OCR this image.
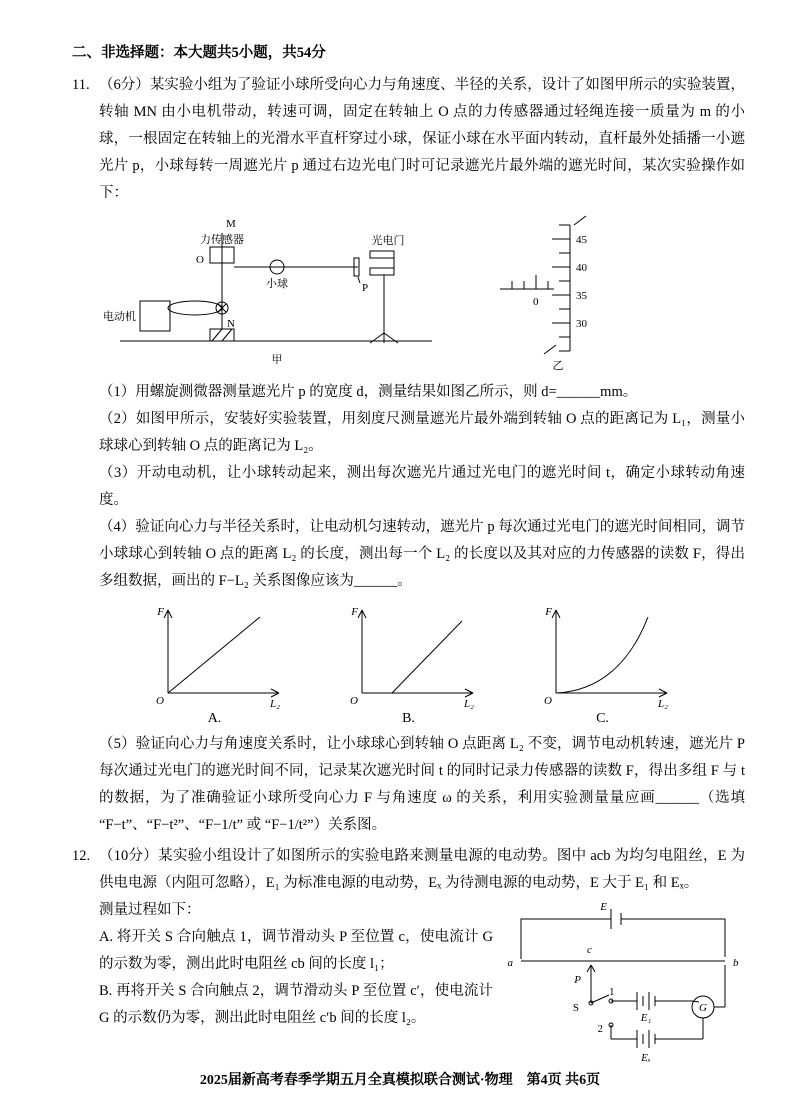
二、非选择题：本大题共5小题，共54分
11. （6分）某实验小组为了验证小球所受向心力与角速度、半径的关系，设计了如图甲所示的实验装置，转轴 MN 由小电机带动，转速可调，固定在转轴上 O 点的力传感器通过轻绳连接一质量为 m 的小球，一根固定在转轴上的光滑水平直杆穿过小球，保证小球在水平面内转动，直杆最外处插播一小遮光片 p，小球每转一周遮光片 p 通过右边光电门时可记录遮光片最外端的遮光时间，某次实验操作如下：
M
力传感器
O
小球	P
光电门
电动机
N
甲
45
40
35
30
0
乙
（1）用螺旋测微器测量遮光片 p 的宽度 d，测量结果如图乙所示，则 d=______mm。
（2）如图甲所示，安装好实验装置，用刻度尺测量遮光片最外端到转轴 O 点的距离记为 L₁，测量小球球心到转轴 O 点的距离记为 L₂。
（3）开动电动机，让小球转动起来，测出每次遮光片通过光电门的遮光时间 t，确定小球转动角速度。
（4）验证向心力与半径关系时，让电动机匀速转动，遮光片 p 每次通过光电门的遮光时间相同，调节小球球心到转轴 O 点的距离 L₂ 的长度，测出每一个 L₂ 的长度以及其对应的力传感器的读数 F，得出多组数据，画出的 F−L₂ 关系图像应该为______。
F
O	L₂
A.
F
O	L₂
B.
F
O	L₂
C.
（5）验证向心力与角速度关系时，让小球球心到转轴 O 点距离 L₂ 不变，调节电动机转速，遮光片 P 每次通过光电门的遮光时间不同，记录某次遮光时间 t 的同时记录力传感器的读数 F，得出多组 F 与 t 的数据，为了准确验证小球所受向心力 F 与角速度 ω 的关系，利用实验测量量应画______（选填 “F−t”、“F−t²”、“F−1/t” 或 “F−1/t²”）关系图。
12. （10分）某实验小组设计了如图所示的实验电路来测量电源的电动势。图中 acb 为均匀电阻丝，E 为供电电源（内阻可忽略），E₁ 为标准电源的电动势，Eₓ 为待测电源的电动势，E 大于 E₁ 和 Eₓ。
测量过程如下：
A. 将开关 S 合向触点 1，调节滑动头 P 至位置 c，使电流计 G 的示数为零，测出此时电阻丝 cb 间的长度 l₁；
B. 再将开关 S 合向触点 2，调节滑动头 P 至位置 c′，使电流计 G 的示数仍为零，测出此时电阻丝 c′b 间的长度 l₂。
E
a	b
c
P
S
1
2
E₁
Eₓ
G
2025届新高考春季学期五月全真模拟联合测试·物理　第4页 共6页
